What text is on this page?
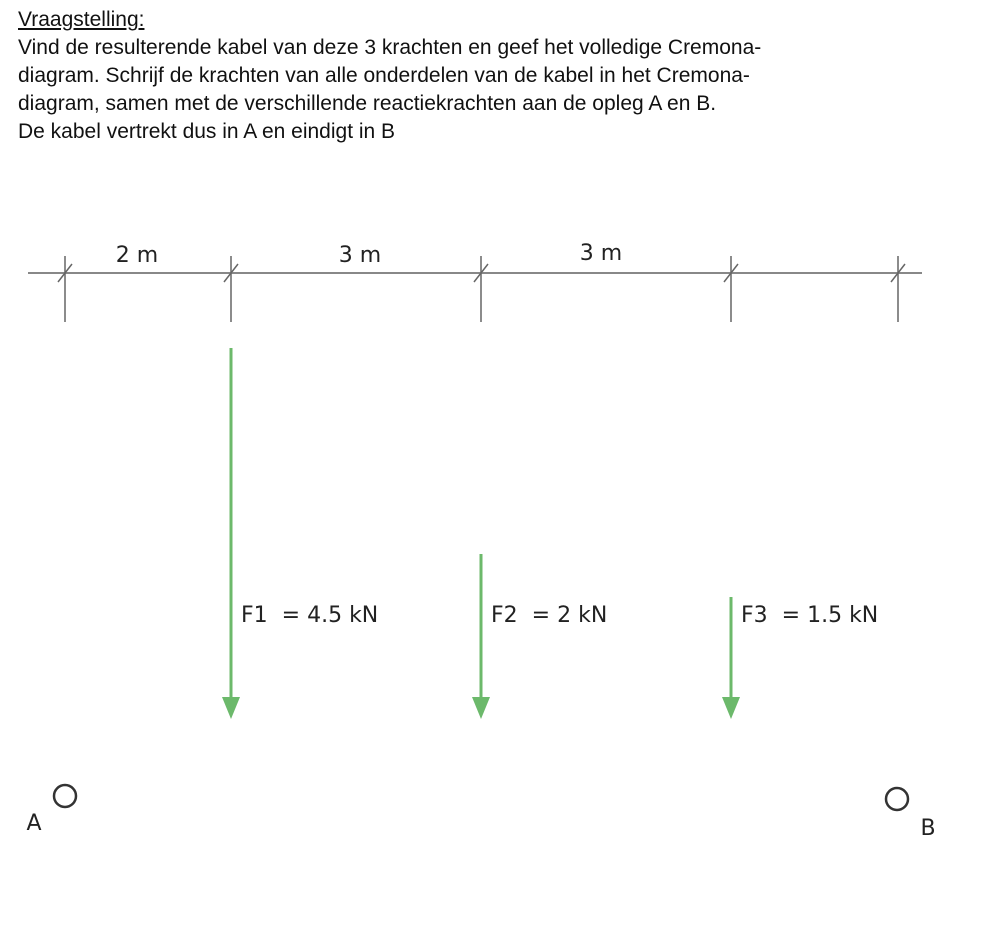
Vraagstelling:
Vind de resulterende kabel van deze 3 krachten en geef het volledige Cremona-
diagram. Schrijf de krachten van alle onderdelen van de kabel in het Cremona-
diagram, samen met de verschillende reactiekrachten aan de opleg A en B.
De kabel vertrekt dus in A en eindigt in B
2 m	3 m	3 m
F1 = 4.5 kN	F2 = 2 kN	F3 = 1.5 kN
A	B
